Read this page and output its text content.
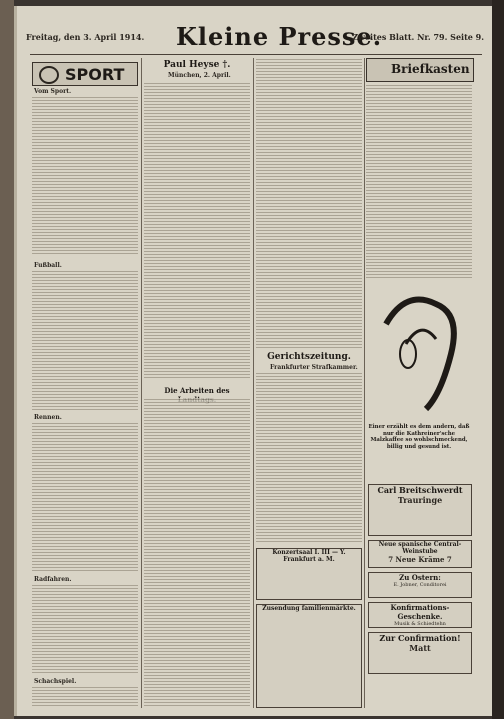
Freitag, den 3. April 1914. Kleine Presse.
Zweites Blatt. Nr. 79. Seite 9.
SPORT
Vom Sport.
Fußball.
Rennen.
Radfahren.
Schachspiel.
Paul Heyse †.
München, 2. April.
Die Arbeiten des
Gerichtszeitung.
Frankfurter Strafkammer.
Konzertsaal I. III — Y. Frankfurt a. M.
Zusendung familienmärkte.
Briefkasten
Einer erzählt es dem andern, daß nur die Kathreiner'sche Malzkaffee so wohlschmeckend, billig und gesund ist.
Carl Breitschwerdt
Trauringe
Neue spanische Central-Weinstube
7 Neue Kräme 7
Zu Ostern:
E. Jobner, Conditorei
Konfirmations-Geschenke.
Musik & Schiedtehn
Zur Confirmation!
Matt
